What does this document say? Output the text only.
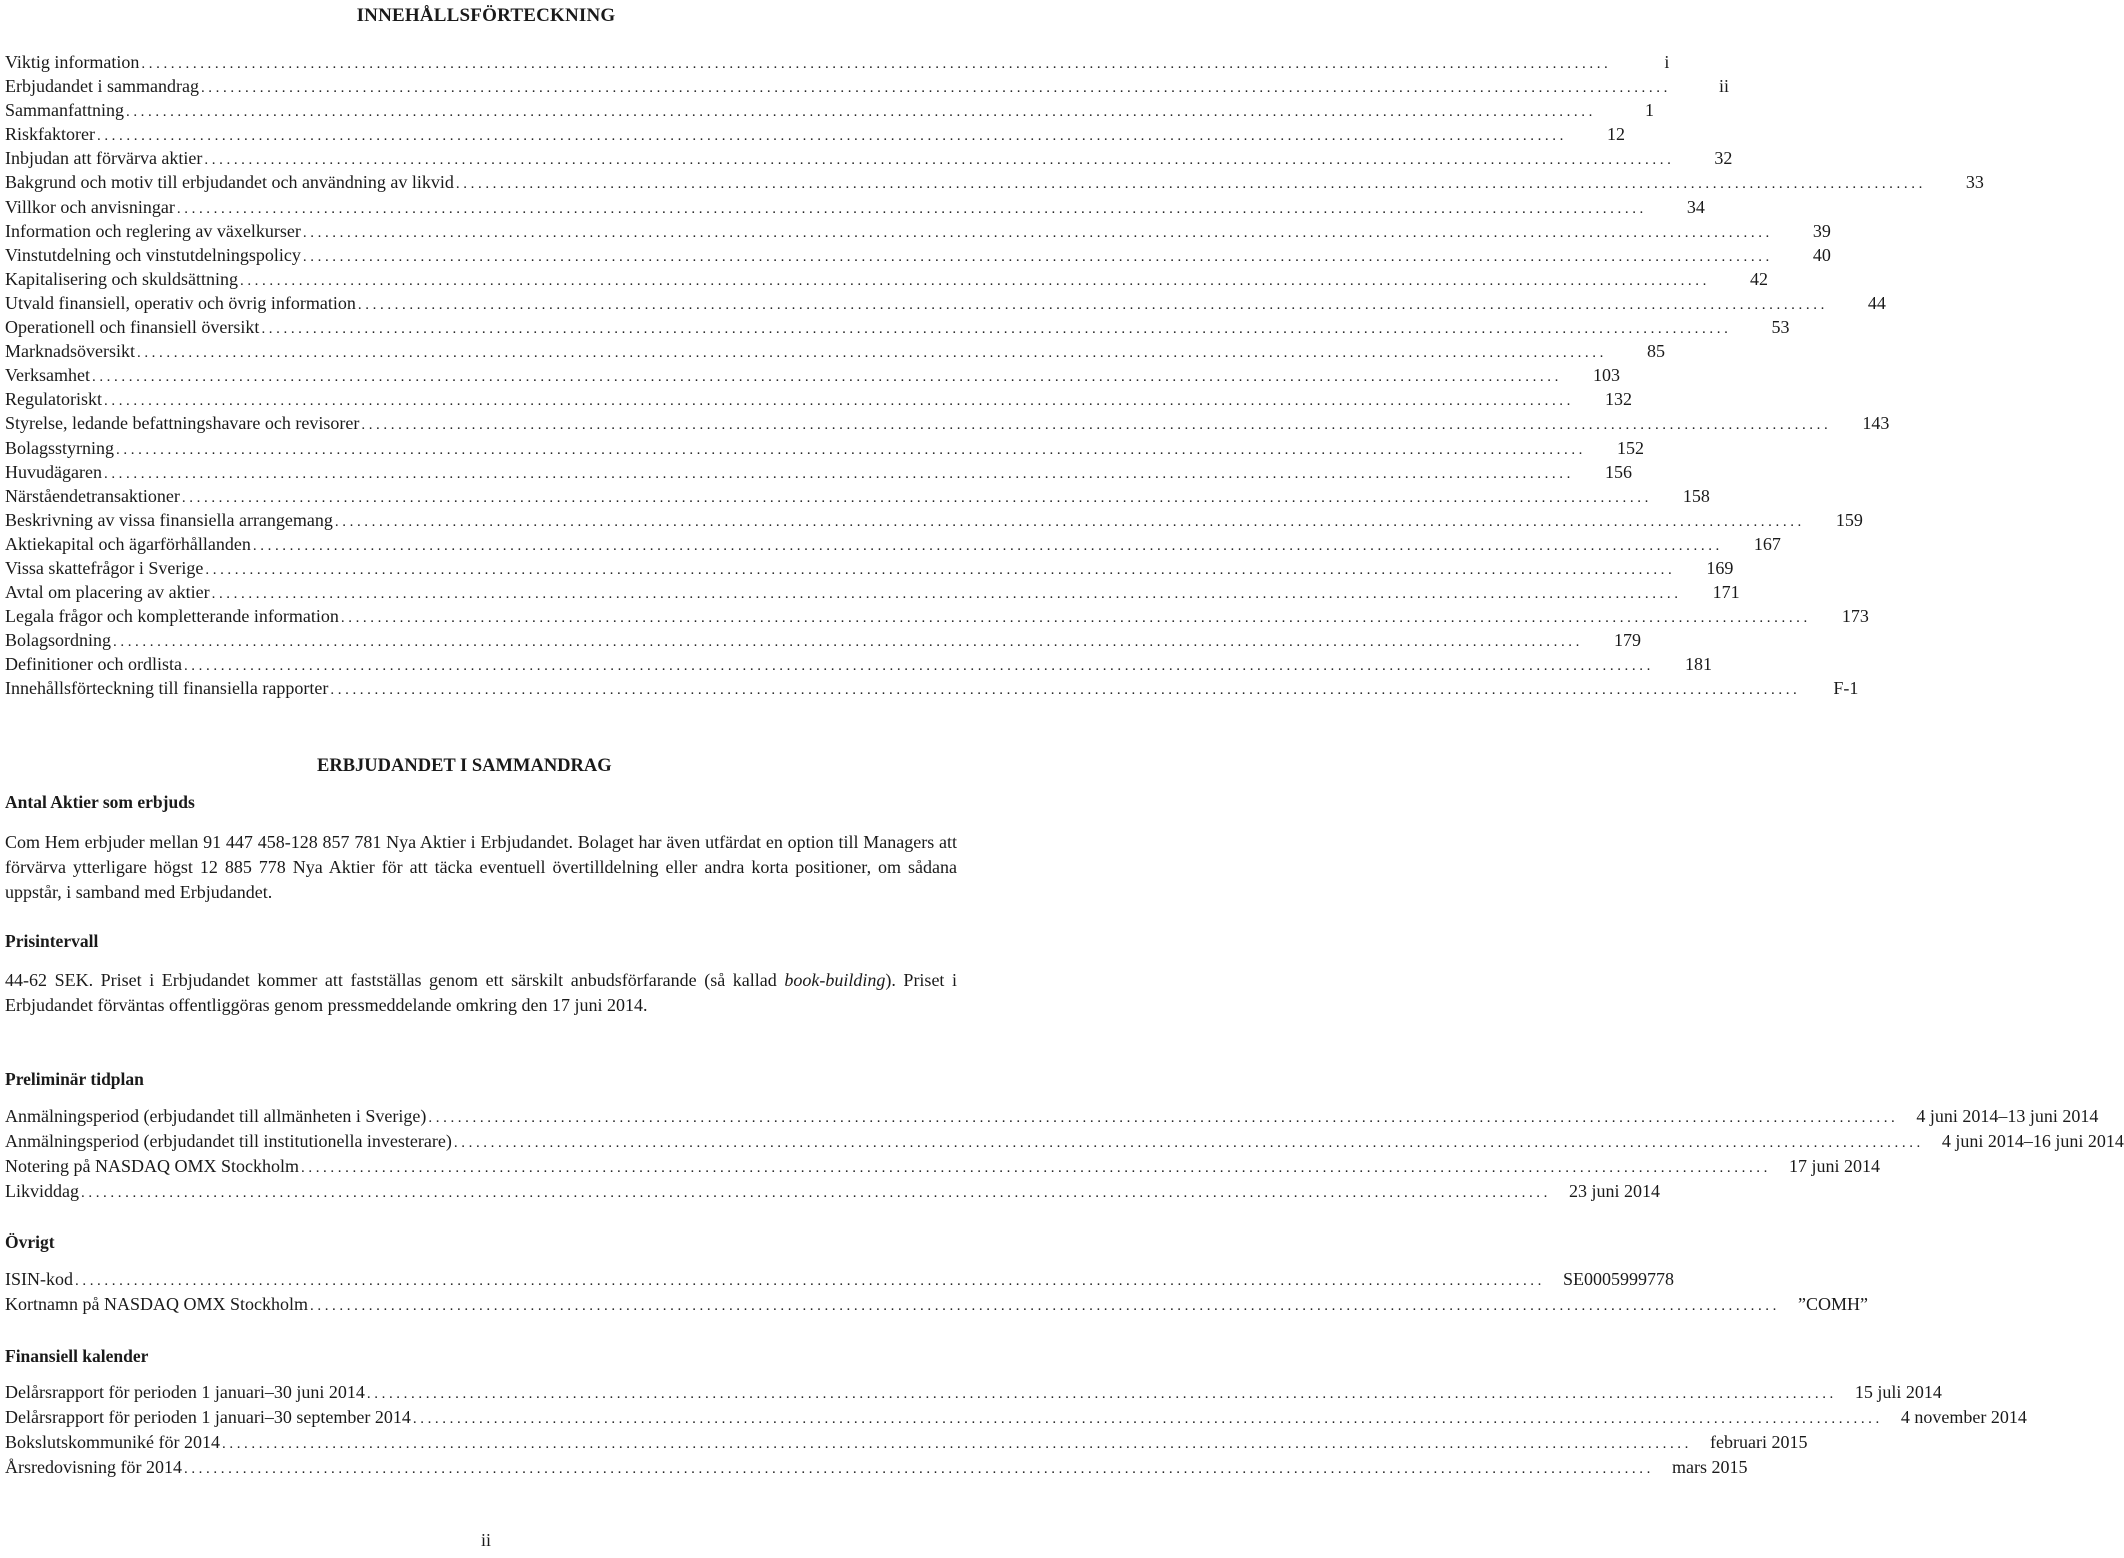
INNEHÅLLSFÖRTECKNING
Viktig information ........................................................................................................................................................................................................	i
Erbjudandet i sammandrag ........................................................................................................................................................................................................	ii
Sammanfattning ........................................................................................................................................................................................................	1
Riskfaktorer ........................................................................................................................................................................................................	12
Inbjudan att förvärva aktier ........................................................................................................................................................................................................	32
Bakgrund och motiv till erbjudandet och användning av likvid ........................................................................................................................................................................................................	33
Villkor och anvisningar ........................................................................................................................................................................................................	34
Information och reglering av växelkurser ........................................................................................................................................................................................................	39
Vinstutdelning och vinstutdelningspolicy ........................................................................................................................................................................................................	40
Kapitalisering och skuldsättning ........................................................................................................................................................................................................	42
Utvald finansiell, operativ och övrig information ........................................................................................................................................................................................................	44
Operationell och finansiell översikt ........................................................................................................................................................................................................	53
Marknadsöversikt ........................................................................................................................................................................................................	85
Verksamhet ........................................................................................................................................................................................................	103
Regulatoriskt ........................................................................................................................................................................................................	132
Styrelse, ledande befattningshavare och revisorer ........................................................................................................................................................................................................	143
Bolagsstyrning ........................................................................................................................................................................................................	152
Huvudägaren ........................................................................................................................................................................................................	156
Närståendetransaktioner ........................................................................................................................................................................................................	158
Beskrivning av vissa finansiella arrangemang ........................................................................................................................................................................................................	159
Aktiekapital och ägarförhållanden ........................................................................................................................................................................................................	167
Vissa skattefrågor i Sverige ........................................................................................................................................................................................................	169
Avtal om placering av aktier ........................................................................................................................................................................................................	171
Legala frågor och kompletterande information ........................................................................................................................................................................................................	173
Bolagsordning ........................................................................................................................................................................................................	179
Definitioner och ordlista ........................................................................................................................................................................................................	181
Innehållsförteckning till finansiella rapporter ........................................................................................................................................................................................................	F-1
ERBJUDANDET I SAMMANDRAG
Antal Aktier som erbjuds
Com Hem erbjuder mellan 91 447 458-128 857 781 Nya Aktier i Erbjudandet. Bolaget har även utfärdat en option till Managers att förvärva ytterligare högst 12 885 778 Nya Aktier för att täcka eventuell övertilldelning eller andra korta positioner, om sådana uppstår, i samband med Erbjudandet.
Prisintervall
44-62 SEK. Priset i Erbjudandet kommer att fastställas genom ett särskilt anbudsförfarande (så kallad book-building). Priset i Erbjudandet förväntas offentliggöras genom pressmeddelande omkring den 17 juni 2014.
Preliminär tidplan
Anmälningsperiod (erbjudandet till allmänheten i Sverige) ........................................................................................................................................................................................................	4 juni 2014–13 juni 2014
Anmälningsperiod (erbjudandet till institutionella investerare) ........................................................................................................................................................................................................	4 juni 2014–16 juni 2014
Notering på NASDAQ OMX Stockholm ........................................................................................................................................................................................................	17 juni 2014
Likviddag ........................................................................................................................................................................................................	23 juni 2014
Övrigt
ISIN-kod ........................................................................................................................................................................................................	SE0005999778
Kortnamn på NASDAQ OMX Stockholm ........................................................................................................................................................................................................	”COMH”
Finansiell kalender
Delårsrapport för perioden 1 januari–30 juni 2014 ........................................................................................................................................................................................................	15 juli 2014
Delårsrapport för perioden 1 januari–30 september 2014 ........................................................................................................................................................................................................	4 november 2014
Bokslutskommuniké för 2014 ........................................................................................................................................................................................................	februari 2015
Årsredovisning för 2014 ........................................................................................................................................................................................................	mars 2015
ii
